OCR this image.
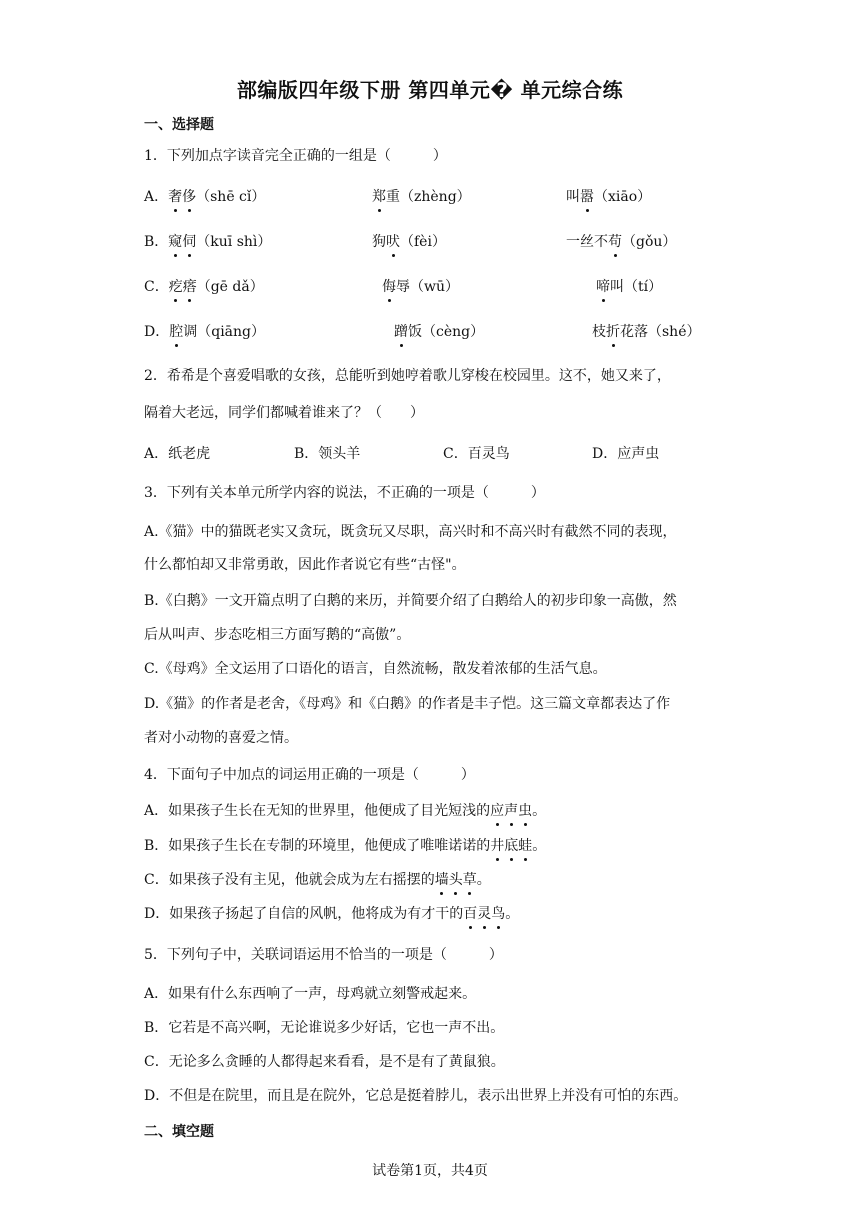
部编版四年级下册 第四单元� 单元综合练
一、选择题
1．下列加点字读音完全正确的一组是（　　　）
A．奢侈（shē cǐ）	郑重（zhèng）	叫嚣（xiāo）
B．窥伺（kuī shì）	狗吠（fèi）	一丝不苟（gǒu）
C．疙瘩（gē dǎ）	侮辱（wū）	啼叫（tí）
D．腔调（qiāng）	蹭饭（cèng）	枝折花落（shé）
2．希希是个喜爱唱歌的女孩，总能听到她哼着歌儿穿梭在校园里。这不，她又来了，
隔着大老远，同学们都喊着谁来了？（　　）
A．纸老虎	B．领头羊	C．百灵鸟	D．应声虫
3．下列有关本单元所学内容的说法，不正确的一项是（　　　）
A.《猫》中的猫既老实又贪玩，既贪玩又尽职，高兴时和不高兴时有截然不同的表现，
什么都怕却又非常勇敢，因此作者说它有些“古怪"。
B.《白鹅》一文开篇点明了白鹅的来历，并简要介绍了白鹅给人的初步印象一高傲，然
后从叫声、步态吃相三方面写鹅的“高傲”。
C.《母鸡》全文运用了口语化的语言，自然流畅，散发着浓郁的生活气息。
D.《猫》的作者是老舍，《母鸡》和《白鹅》的作者是丰子恺。这三篇文章都表达了作
者对小动物的喜爱之情。
4．下面句子中加点的词运用正确的一项是（　　　）
A．如果孩子生长在无知的世界里，他便成了目光短浅的应声虫。
B．如果孩子生长在专制的环境里，他便成了唯唯诺诺的井底蛙。
C．如果孩子没有主见，他就会成为左右摇摆的墙头草。
D．如果孩子扬起了自信的风帆，他将成为有才干的百灵鸟。
5．下列句子中，关联词语运用不恰当的一项是（　　　）
A．如果有什么东西响了一声，母鸡就立刻警戒起来。
B．它若是不高兴啊，无论谁说多少好话，它也一声不出。
C．无论多么贪睡的人都得起来看看，是不是有了黄鼠狼。
D．不但是在院里，而且是在院外，它总是挺着脖儿，表示出世界上并没有可怕的东西。
二、填空题
试卷第1页，共4页
